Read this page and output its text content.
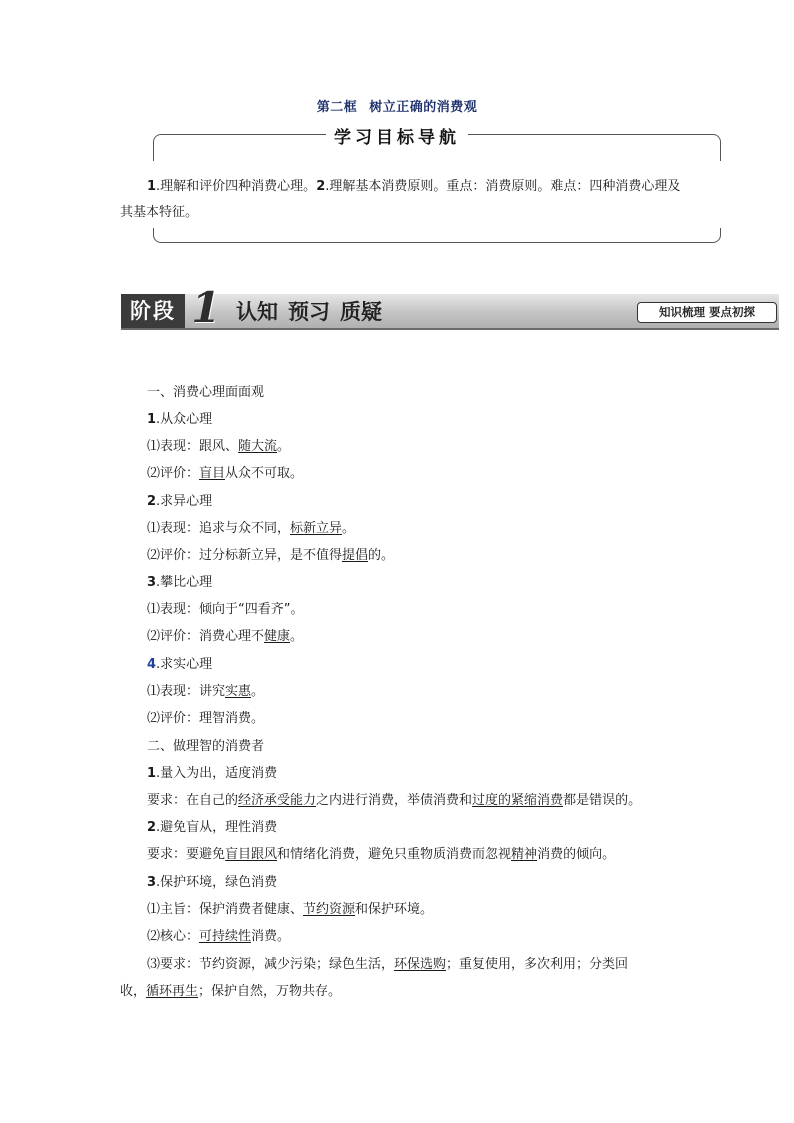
第二框 树立正确的消费观
学习目标导航
1.理解和评价四种消费心理。2.理解基本消费原则。重点：消费原则。难点：四种消费心理及其基本特征。
阶段 1 认知 预习 质疑	知识梳理 要点初探
一、消费心理面面观
1.从众心理
⑴表现：跟风、随大流。
⑵评价：盲目从众不可取。
2.求异心理
⑴表现：追求与众不同，标新立异。
⑵评价：过分标新立异，是不值得提倡的。
3.攀比心理
⑴表现：倾向于“四看齐”。
⑵评价：消费心理不健康。
4.求实心理
⑴表现：讲究实惠。
⑵评价：理智消费。
二、做理智的消费者
1.量入为出，适度消费
要求：在自己的经济承受能力之内进行消费，举债消费和过度的紧缩消费都是错误的。
2.避免盲从，理性消费
要求：要避免盲目跟风和情绪化消费，避免只重物质消费而忽视精神消费的倾向。
3.保护环境，绿色消费
⑴主旨：保护消费者健康、节约资源和保护环境。
⑵核心：可持续性消费。
⑶要求：节约资源，减少污染；绿色生活，环保选购；重复使用，多次利用；分类回
收，循环再生；保护自然，万物共存。
